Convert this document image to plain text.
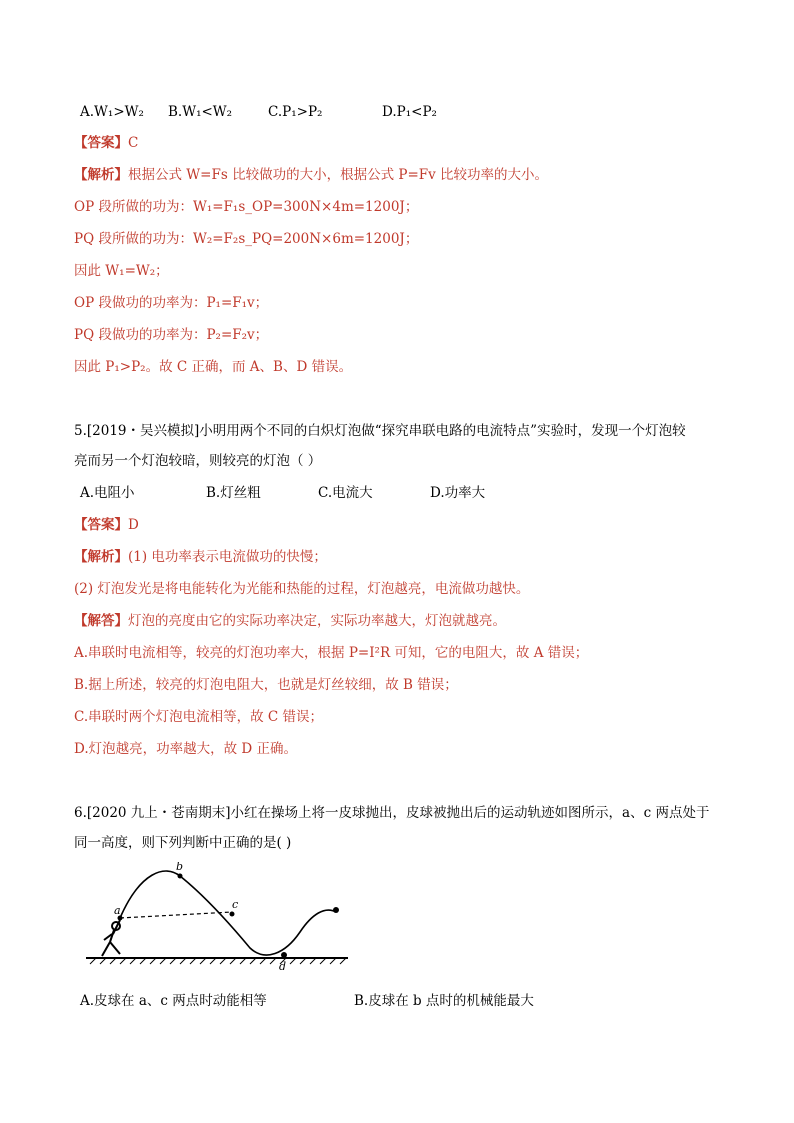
A.W₁>W₂ B.W₁<W₂	C.P₁>P₂	D.P₁<P₂
【答案】C
【解析】根据公式 W=Fs 比较做功的大小，根据公式 P=Fv 比较功率的大小。
OP 段所做的功为：W₁=F₁s_OP=300N×4m=1200J；
PQ 段所做的功为：W₂=F₂s_PQ=200N×6m=1200J；
因此 W₁=W₂；
OP 段做功的功率为：P₁=F₁v；
PQ 段做功的功率为：P₂=F₂v；
因此 P₁>P₂。故 C 正确，而 A、B、D 错误。
5.[2019・吴兴模拟]小明用两个不同的白炽灯泡做“探究串联电路的电流特点”实验时，发现一个灯泡较
亮而另一个灯泡较暗，则较亮的灯泡（ ）
A.电阻小	B.灯丝粗	C.电流大	D.功率大
【答案】D
【解析】(1) 电功率表示电流做功的快慢；
(2) 灯泡发光是将电能转化为光能和热能的过程，灯泡越亮，电流做功越快。
【解答】灯泡的亮度由它的实际功率决定，实际功率越大，灯泡就越亮。
A.串联时电流相等，较亮的灯泡功率大，根据 P=I²R 可知，它的电阻大，故 A 错误；
B.据上所述，较亮的灯泡电阻大，也就是灯丝较细，故 B 错误；
C.串联时两个灯泡电流相等，故 C 错误；
D.灯泡越亮，功率越大，故 D 正确。
6.[2020 九上・苍南期末]小红在操场上将一皮球抛出，皮球被抛出后的运动轨迹如图所示，a、c 两点处于
同一高度，则下列判断中正确的是( )
a
b
c
d
A.皮球在 a、c 两点时动能相等	B.皮球在 b 点时的机械能最大
